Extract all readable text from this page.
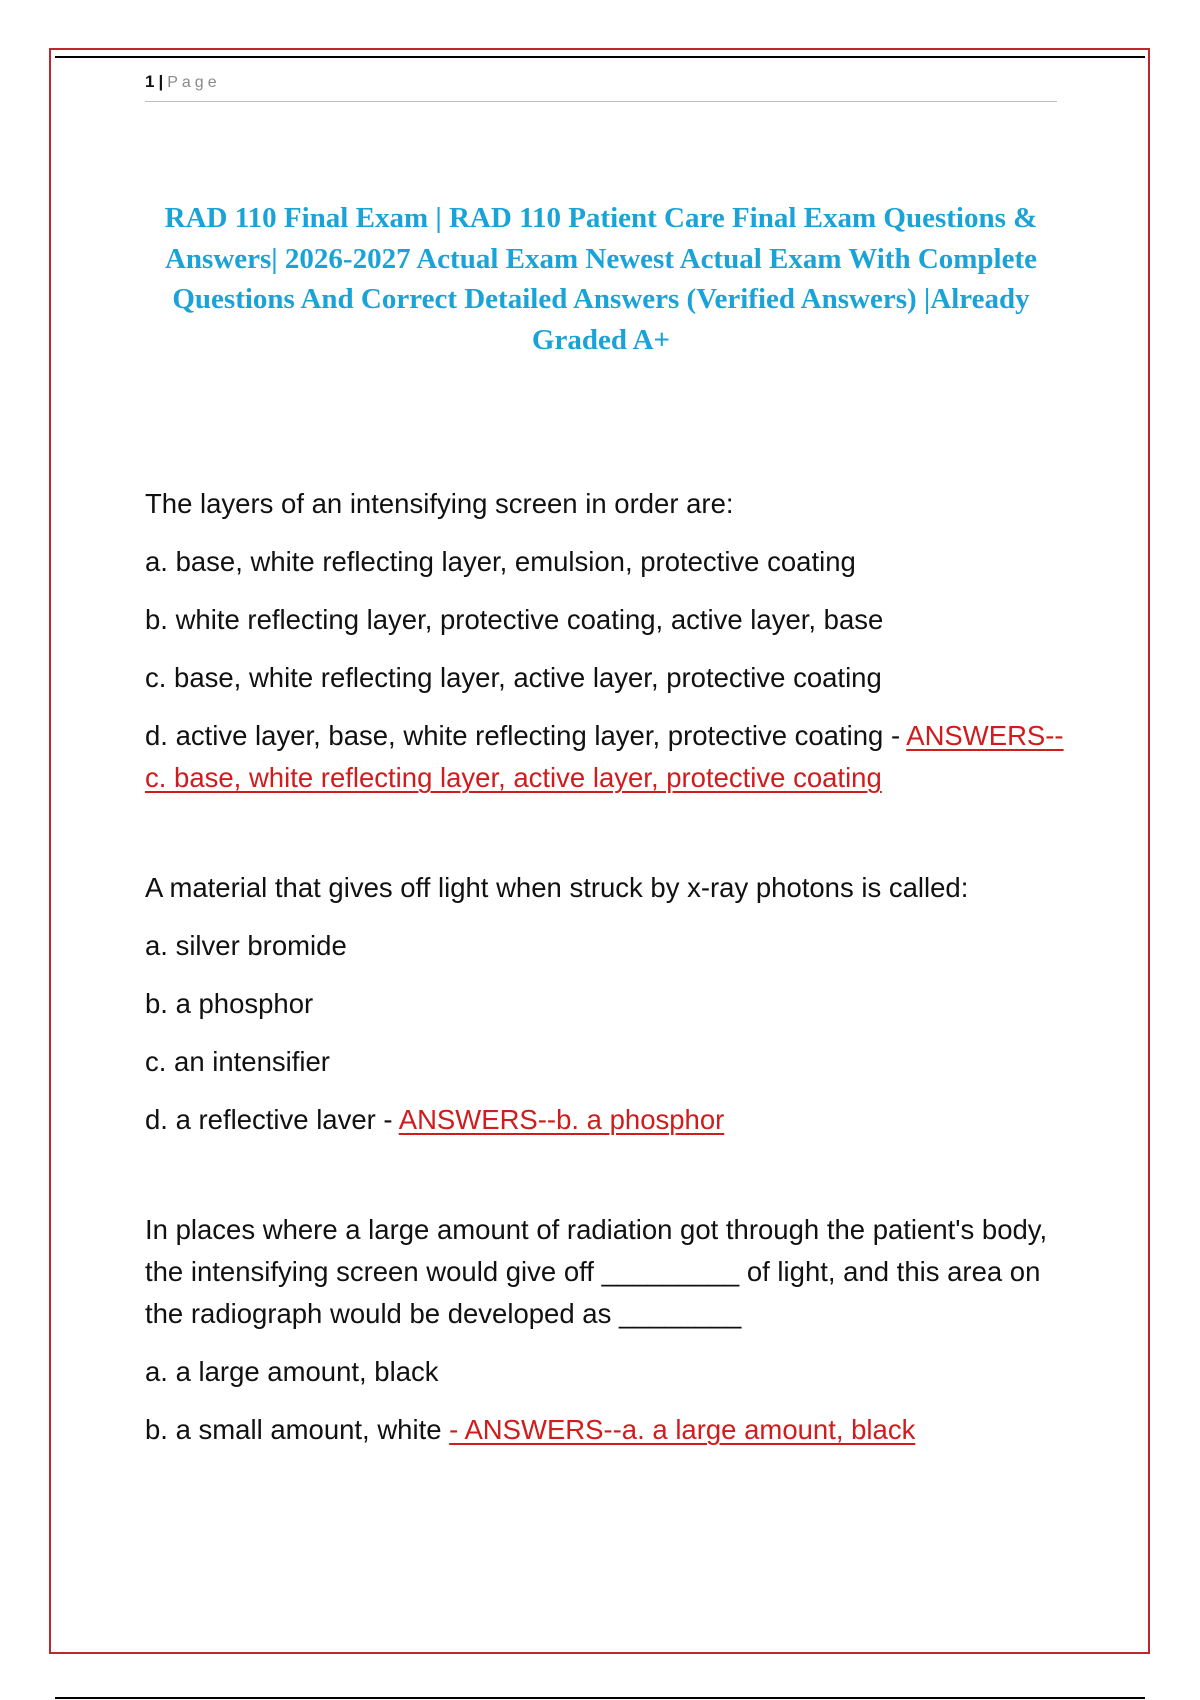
1 | Page
RAD 110 Final Exam | RAD 110 Patient Care Final Exam Questions & Answers| 2026-2027 Actual Exam Newest Actual Exam With Complete Questions And Correct Detailed Answers (Verified Answers) |Already Graded A+

The layers of an intensifying screen in order are:

a. base, white reflecting layer, emulsion, protective coating

b. white reflecting layer, protective coating, active layer, base

c. base, white reflecting layer, active layer, protective coating

d. active layer, base, white reflecting layer, protective coating - ANSWERS--c. base, white reflecting layer, active layer, protective coating

A material that gives off light when struck by x-ray photons is called:

a. silver bromide

b. a phosphor

c. an intensifier

d. a reflective laver - ANSWERS--b. a phosphor

In places where a large amount of radiation got through the patient's body, the intensifying screen would give off _________ of light, and this area on the radiograph would be developed as ________

a. a large amount, black

b. a small amount, white - ANSWERS--a. a large amount, black
